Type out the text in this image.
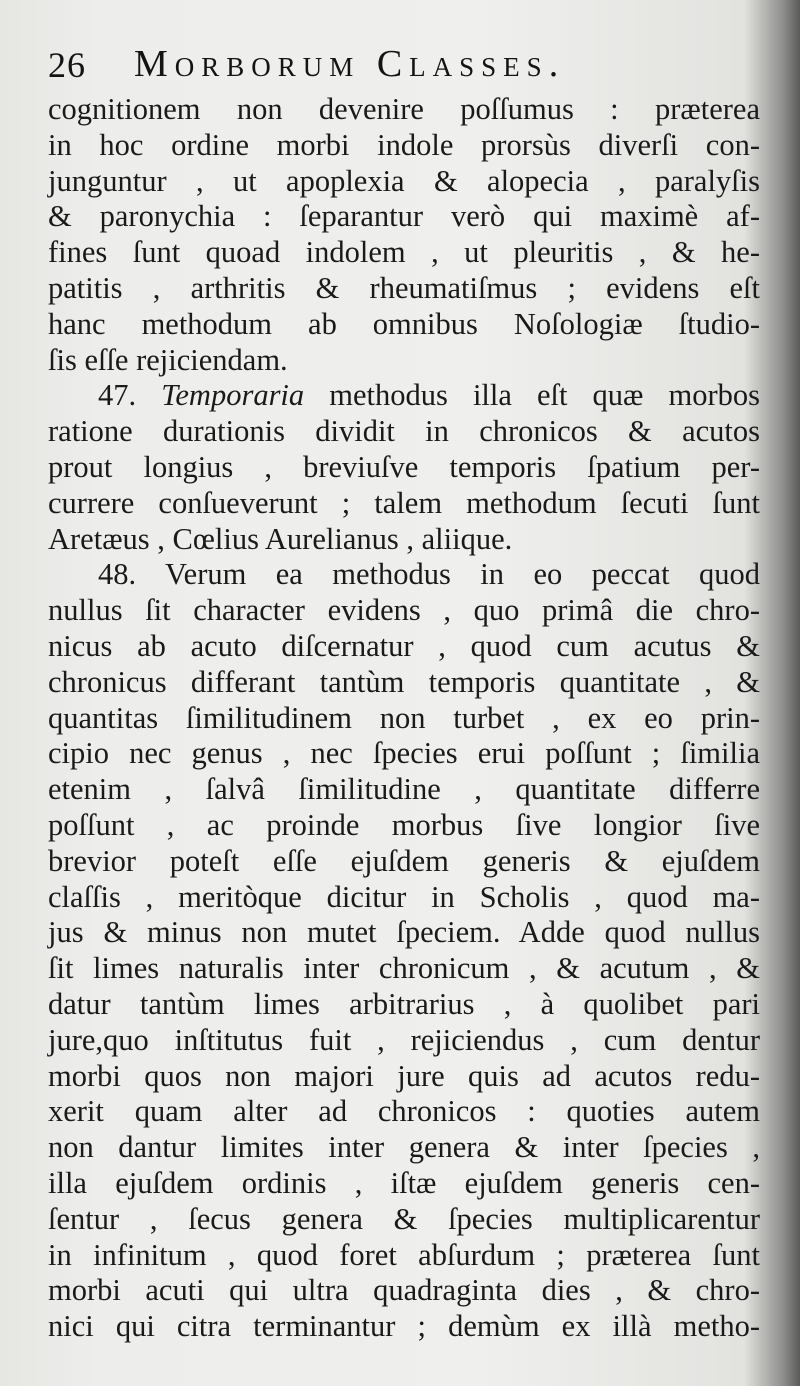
26 Morborum Classes.
cognitionem non devenire poſſumus : præterea
in hoc ordine morbi indole prorsùs diverſi con-
junguntur , ut apoplexia & alopecia , paralyſis
& paronychia : ſeparantur verò qui maximè af-
fines ſunt quoad indolem , ut pleuritis , & he-
patitis , arthritis & rheumatiſmus ; evidens eſt
hanc methodum ab omnibus Noſologiæ ſtudio-
ſis eſſe rejiciendam.
47. Temporaria methodus illa eſt quæ morbos
ratione durationis dividit in chronicos & acutos
prout longius , breviuſve temporis ſpatium per-
currere conſueverunt ; talem methodum ſecuti ſunt
Aretæus , Cœlius Aurelianus , aliique.
48. Verum ea methodus in eo peccat quod
nullus ſit character evidens , quo primâ die chro-
nicus ab acuto diſcernatur , quod cum acutus &
chronicus differant tantùm temporis quantitate , &
quantitas ſimilitudinem non turbet , ex eo prin-
cipio nec genus , nec ſpecies erui poſſunt ; ſimilia
etenim , ſalvâ ſimilitudine , quantitate differre
poſſunt , ac proinde morbus ſive longior ſive
brevior poteſt eſſe ejuſdem generis & ejuſdem
claſſis , meritòque dicitur in Scholis , quod ma-
jus & minus non mutet ſpeciem. Adde quod nullus
ſit limes naturalis inter chronicum , & acutum , &
datur tantùm limes arbitrarius , à quolibet pari
jure,quo inſtitutus fuit , rejiciendus , cum dentur
morbi quos non majori jure quis ad acutos redu-
xerit quam alter ad chronicos : quoties autem
non dantur limites inter genera & inter ſpecies ,
illa ejuſdem ordinis , iſtæ ejuſdem generis cen-
ſentur , ſecus genera & ſpecies multiplicarentur
in infinitum , quod foret abſurdum ; præterea ſunt
morbi acuti qui ultra quadraginta dies , & chro-
nici qui citra terminantur ; demùm ex illà metho-
